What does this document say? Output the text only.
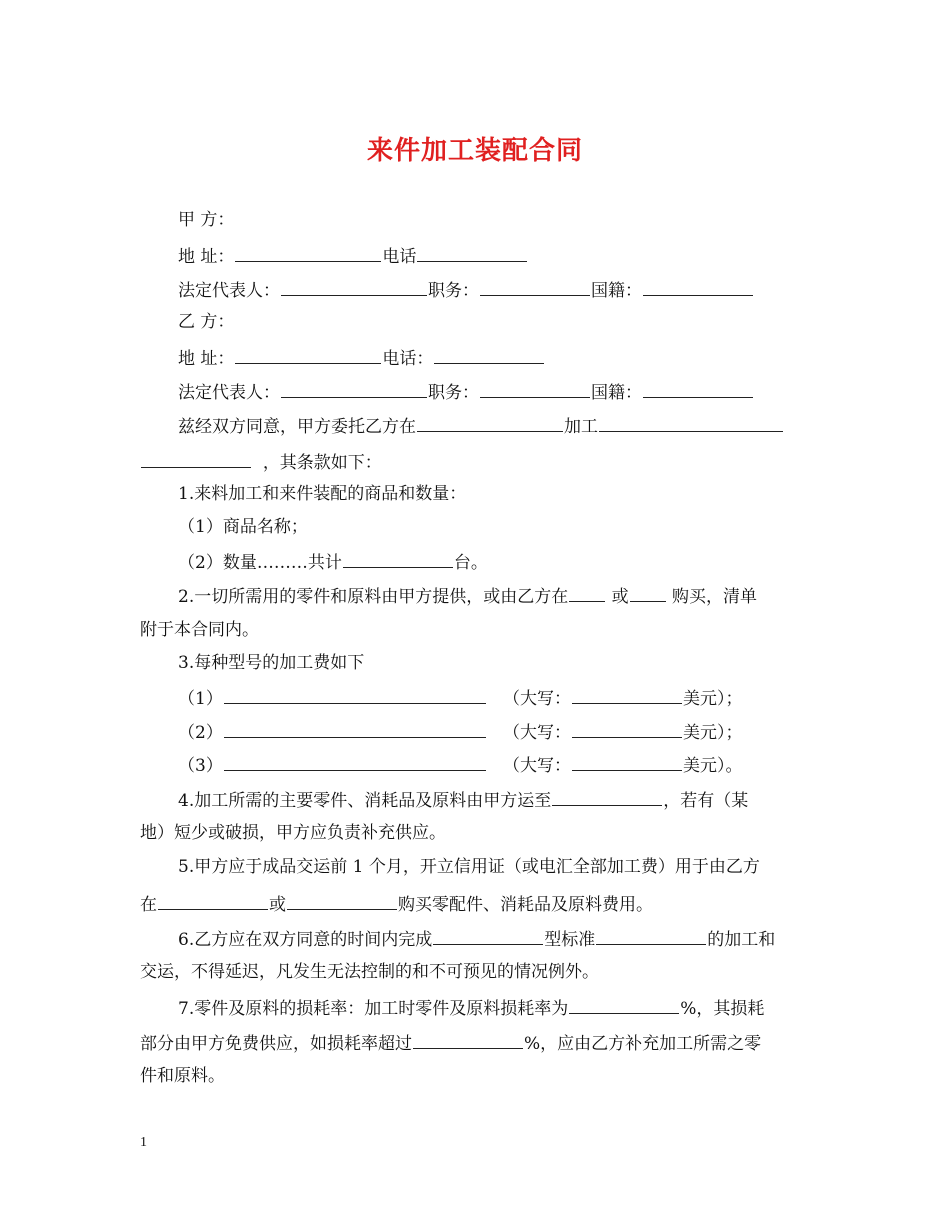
来件加工装配合同
甲 方：
地 址：	电话
法定代表人：	职务：	国籍：
乙 方：
地 址：	电话：
法定代表人：	职务：	国籍：
兹经双方同意，甲方委托乙方在	加工
，其条款如下：
1.来料加工和来件装配的商品和数量：
（1）商品名称；
（2）数量………共计	台。
2.一切所需用的零件和原料由甲方提供，或由乙方在	或	购买，清单
附于本合同内。
3.每种型号的加工费如下
（1）	（大写：	美元）；
（2）	（大写：	美元）；
（3）	（大写：	美元）。
4.加工所需的主要零件、消耗品及原料由甲方运至	，若有（某
地）短少或破损，甲方应负责补充供应。
5.甲方应于成品交运前 1 个月，开立信用证（或电汇全部加工费）用于由乙方
在	或	购买零配件、消耗品及原料费用。
6.乙方应在双方同意的时间内完成	型标准	的加工和
交运，不得延迟，凡发生无法控制的和不可预见的情况例外。
7.零件及原料的损耗率：加工时零件及原料损耗率为	%，其损耗
部分由甲方免费供应，如损耗率超过	%，应由乙方补充加工所需之零
件和原料。
1
